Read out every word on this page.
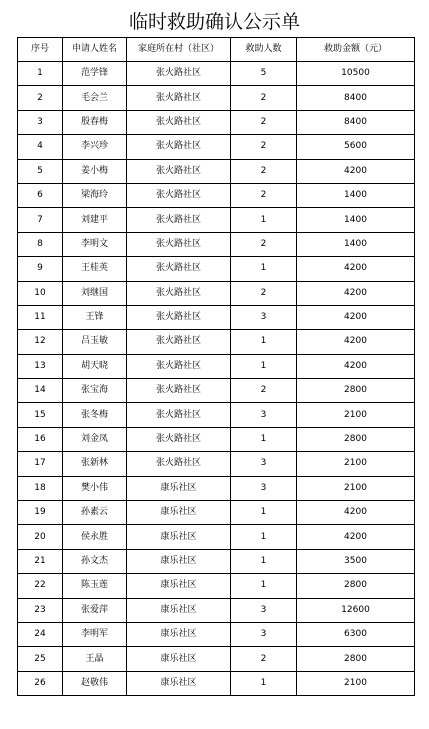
临时救助确认公示单
序号	申请人姓名	家庭所在村（社区）	救助人数	救助金额（元）
1	范学锋	张火路社区	5	10500
2	毛会兰	张火路社区	2	8400
3	殷春梅	张火路社区	2	8400
4	李兴珍	张火路社区	2	5600
5	姜小梅	张火路社区	2	4200
6	梁海玲	张火路社区	2	1400
7	刘建平	张火路社区	1	1400
8	李明文	张火路社区	2	1400
9	王桂英	张火路社区	1	4200
10	刘继国	张火路社区	2	4200
11	王锋	张火路社区	3	4200
12	吕玉敏	张火路社区	1	4200
13	胡天晓	张火路社区	1	4200
14	张宝海	张火路社区	2	2800
15	张冬梅	张火路社区	3	2100
16	刘金凤	张火路社区	1	2800
17	张新林	张火路社区	3	2100
18	樊小伟	康乐社区	3	2100
19	孙素云	康乐社区	1	4200
20	侯永胜	康乐社区	1	4200
21	孙文杰	康乐社区	1	3500
22	陈玉莲	康乐社区	1	2800
23	张爱萍	康乐社区	3	12600
24	李明军	康乐社区	3	6300
25	王晶	康乐社区	2	2800
26	赵敬伟	康乐社区	1	2100
